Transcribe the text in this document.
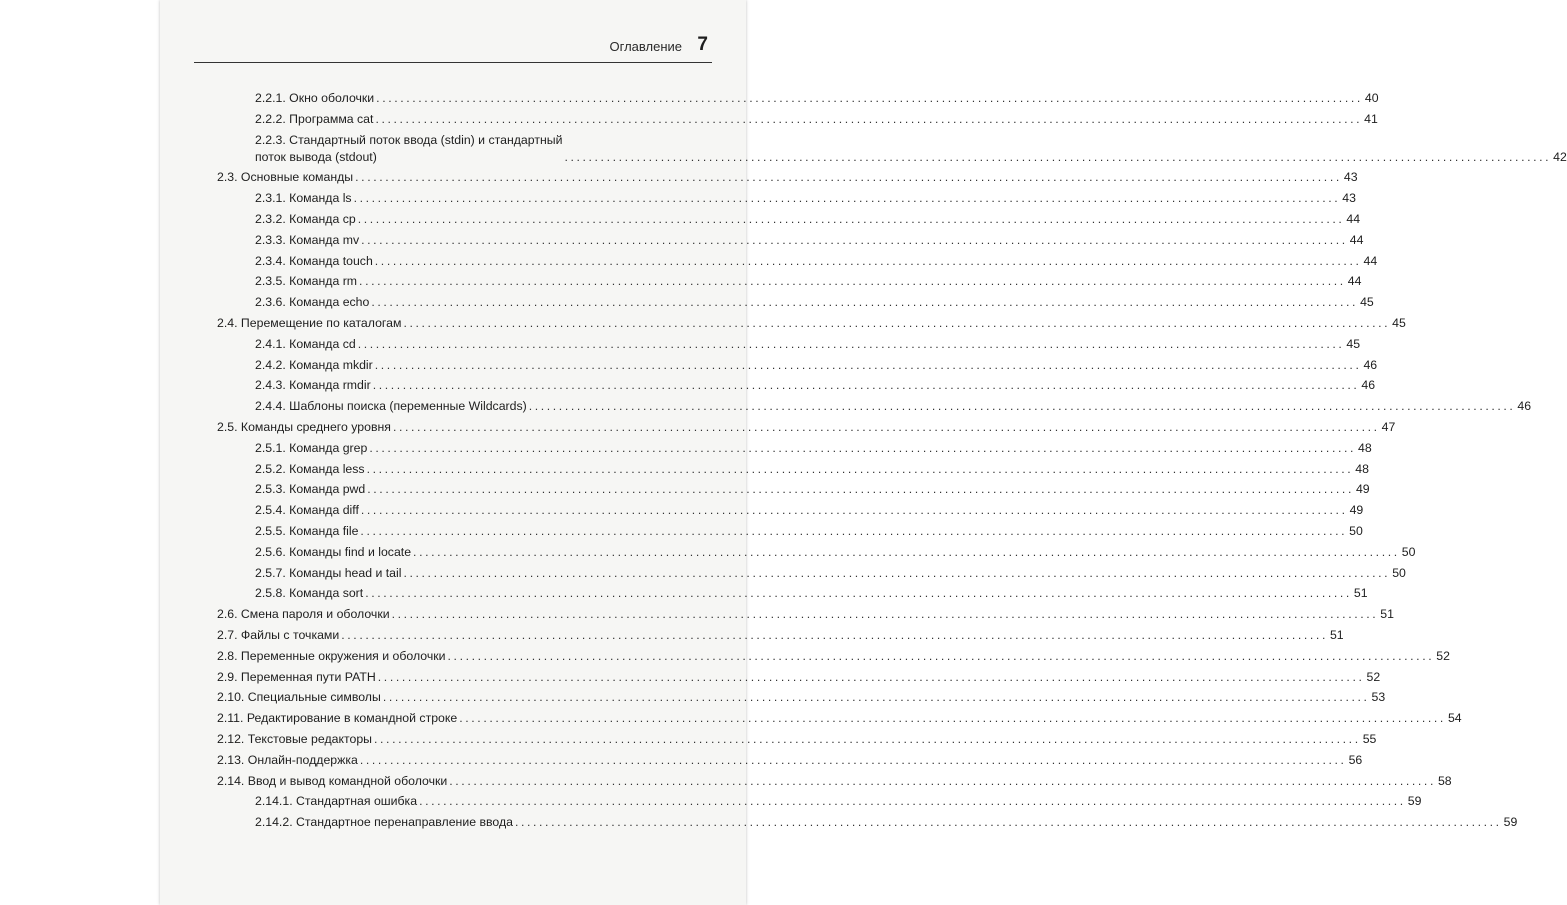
Оглавление 7
2.2.1. Окно оболочки .................................................................................................................................................................... 40
2.2.2. Программа cat .................................................................................................................................................................... 41
2.2.3. Стандартный поток ввода (stdin) и стандартный
поток вывода (stdout)	.................................................................................................................................................................... 42
2.3. Основные команды .................................................................................................................................................................... 43
2.3.1. Команда ls .................................................................................................................................................................... 43
2.3.2. Команда cp .................................................................................................................................................................... 44
2.3.3. Команда mv .................................................................................................................................................................... 44
2.3.4. Команда touch .................................................................................................................................................................... 44
2.3.5. Команда rm .................................................................................................................................................................... 44
2.3.6. Команда echo .................................................................................................................................................................... 45
2.4. Перемещение по каталогам .................................................................................................................................................................... 45
2.4.1. Команда cd .................................................................................................................................................................... 45
2.4.2. Команда mkdir .................................................................................................................................................................... 46
2.4.3. Команда rmdir .................................................................................................................................................................... 46
2.4.4. Шаблоны поиска (переменные Wildcards) .................................................................................................................................................................... 46
2.5. Команды среднего уровня .................................................................................................................................................................... 47
2.5.1. Команда grep .................................................................................................................................................................... 48
2.5.2. Команда less .................................................................................................................................................................... 48
2.5.3. Команда pwd .................................................................................................................................................................... 49
2.5.4. Команда diff .................................................................................................................................................................... 49
2.5.5. Команда file .................................................................................................................................................................... 50
2.5.6. Команды find и locate .................................................................................................................................................................... 50
2.5.7. Команды head и tail .................................................................................................................................................................... 50
2.5.8. Команда sort .................................................................................................................................................................... 51
2.6. Смена пароля и оболочки .................................................................................................................................................................... 51
2.7. Файлы с точками .................................................................................................................................................................... 51
2.8. Переменные окружения и оболочки .................................................................................................................................................................... 52
2.9. Переменная пути PATH .................................................................................................................................................................... 52
2.10. Специальные символы .................................................................................................................................................................... 53
2.11. Редактирование в командной строке .................................................................................................................................................................... 54
2.12. Текстовые редакторы .................................................................................................................................................................... 55
2.13. Онлайн-поддержка .................................................................................................................................................................... 56
2.14. Ввод и вывод командной оболочки .................................................................................................................................................................... 58
2.14.1. Стандартная ошибка .................................................................................................................................................................... 59
2.14.2. Стандартное перенаправление ввода .................................................................................................................................................................... 59
